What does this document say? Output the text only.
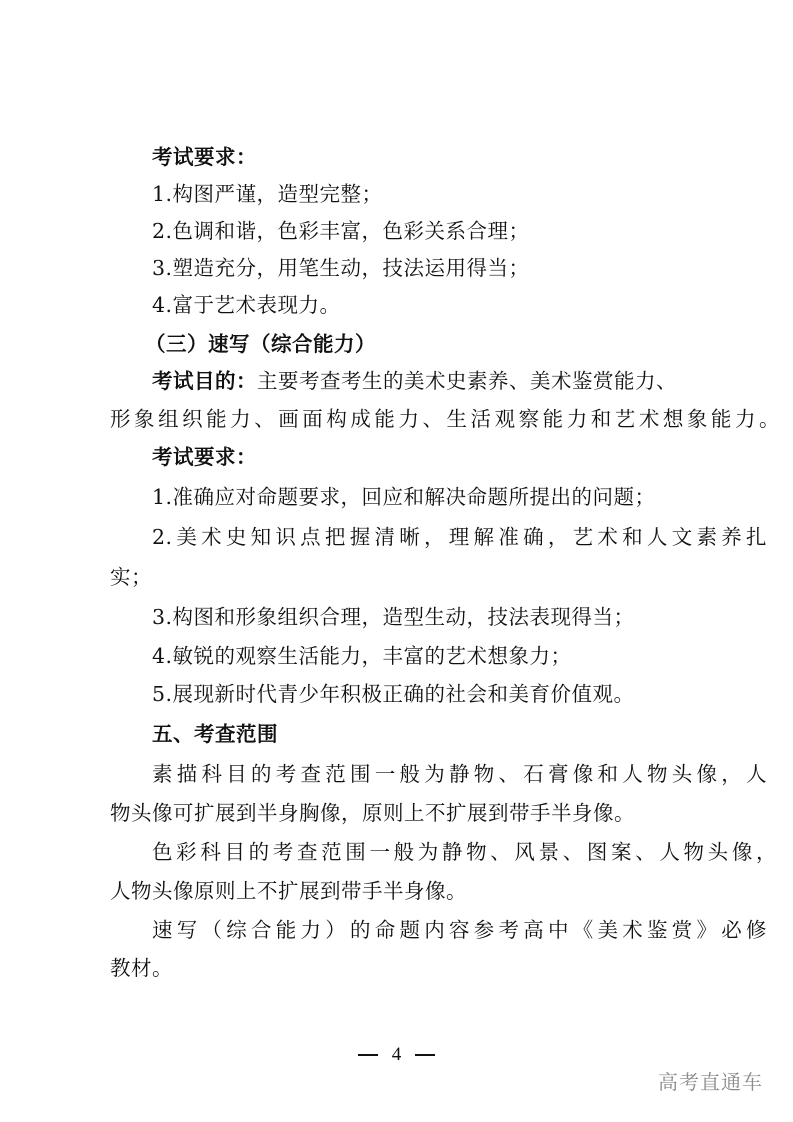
考试要求：
1.构图严谨，造型完整；
2.色调和谐，色彩丰富，色彩关系合理；
3.塑造充分，用笔生动，技法运用得当；
4.富于艺术表现力。
（三）速写（综合能力）
考试目的：主要考查考生的美术史素养、美术鉴赏能力、
形象组织能力、画面构成能力、生活观察能力和艺术想象能力。
考试要求：
1.准确应对命题要求，回应和解决命题所提出的问题；
2.美术史知识点把握清晰，理解准确，艺术和人文素养扎
实；
3.构图和形象组织合理，造型生动，技法表现得当；
4.敏锐的观察生活能力，丰富的艺术想象力；
5.展现新时代青少年积极正确的社会和美育价值观。
五、考查范围
素描科目的考查范围一般为静物、石膏像和人物头像，人
物头像可扩展到半身胸像，原则上不扩展到带手半身像。
色彩科目的考查范围一般为静物、风景、图案、人物头像，
人物头像原则上不扩展到带手半身像。
速写（综合能力）的命题内容参考高中《美术鉴赏》必修
教材。
4
高考直通车
